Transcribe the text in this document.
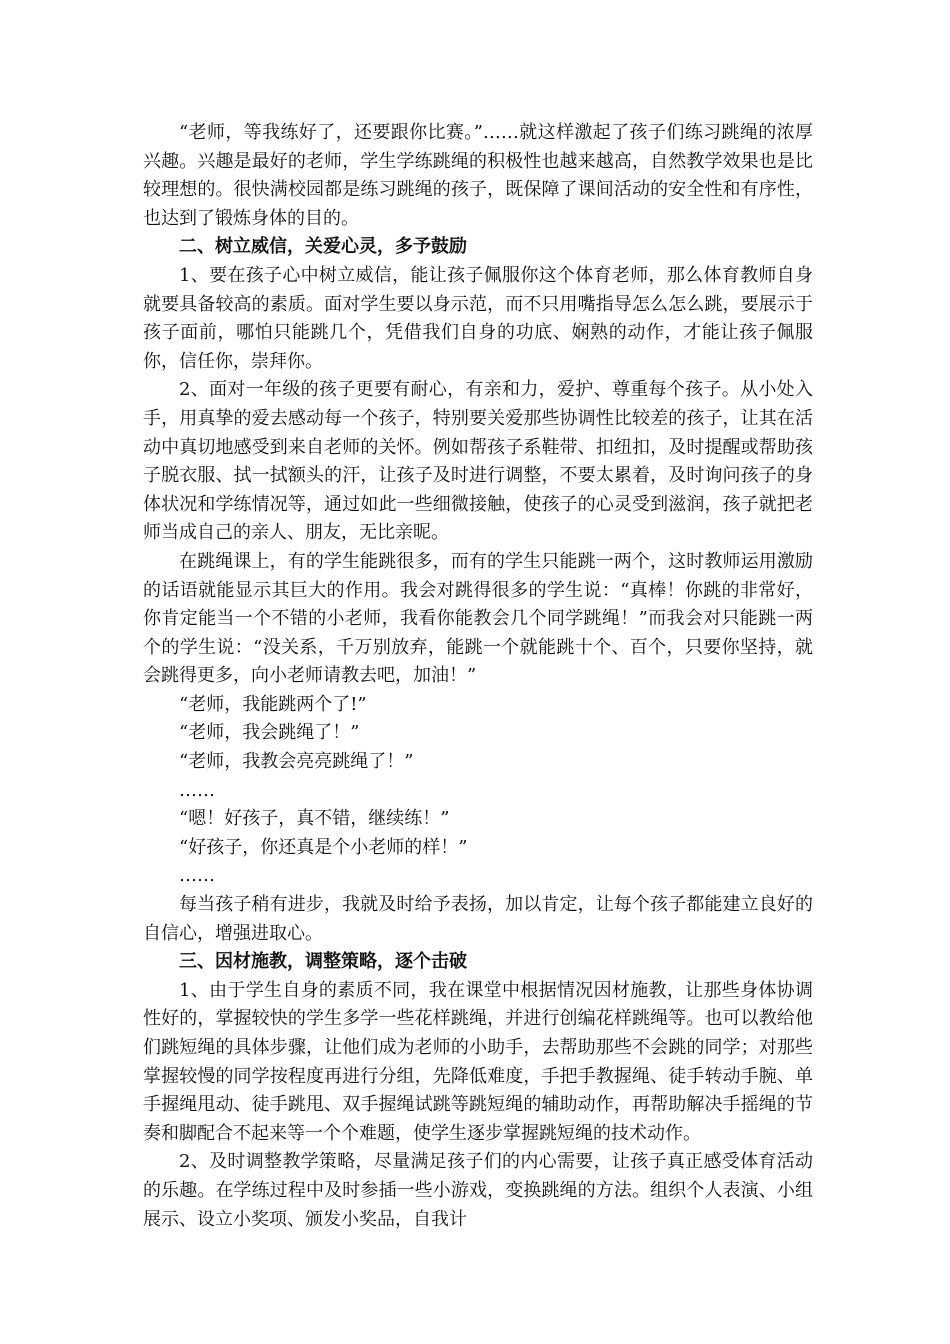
“老师，等我练好了，还要跟你比赛。”……就这样激起了孩子们练习跳绳的浓厚兴趣。兴趣是最好的老师，学生学练跳绳的积极性也越来越高，自然教学效果也是比较理想的。很快满校园都是练习跳绳的孩子，既保障了课间活动的安全性和有序性，也达到了锻炼身体的目的。

二、树立威信，关爱心灵，多予鼓励

1、要在孩子心中树立威信，能让孩子佩服你这个体育老师，那么体育教师自身就要具备较高的素质。面对学生要以身示范，而不只用嘴指导怎么怎么跳，要展示于孩子面前，哪怕只能跳几个，凭借我们自身的功底、娴熟的动作，才能让孩子佩服你，信任你，崇拜你。

2、面对一年级的孩子更要有耐心，有亲和力，爱护、尊重每个孩子。从小处入手，用真挚的爱去感动每一个孩子，特别要关爱那些协调性比较差的孩子，让其在活动中真切地感受到来自老师的关怀。例如帮孩子系鞋带、扣纽扣，及时提醒或帮助孩子脱衣服、拭一拭额头的汗，让孩子及时进行调整，不要太累着，及时询问孩子的身体状况和学练情况等，通过如此一些细微接触，使孩子的心灵受到滋润，孩子就把老师当成自己的亲人、朋友，无比亲昵。

在跳绳课上，有的学生能跳很多，而有的学生只能跳一两个，这时教师运用激励的话语就能显示其巨大的作用。我会对跳得很多的学生说：“真棒！你跳的非常好，你肯定能当一个不错的小老师，我看你能教会几个同学跳绳！”而我会对只能跳一两个的学生说：“没关系，千万别放弃，能跳一个就能跳十个、百个，只要你坚持，就会跳得更多，向小老师请教去吧，加油！”

“老师，我能跳两个了!”

“老师，我会跳绳了！”

“老师，我教会亮亮跳绳了！”

……

“嗯！好孩子，真不错，继续练！”

“好孩子，你还真是个小老师的样！”

……

每当孩子稍有进步，我就及时给予表扬，加以肯定，让每个孩子都能建立良好的自信心，增强进取心。

三、因材施教，调整策略，逐个击破

1、由于学生自身的素质不同，我在课堂中根据情况因材施教，让那些身体协调性好的，掌握较快的学生多学一些花样跳绳，并进行创编花样跳绳等。也可以教给他们跳短绳的具体步骤，让他们成为老师的小助手，去帮助那些不会跳的同学；对那些掌握较慢的同学按程度再进行分组，先降低难度，手把手教握绳、徒手转动手腕、单手握绳甩动、徒手跳甩、双手握绳试跳等跳短绳的辅助动作，再帮助解决手摇绳的节奏和脚配合不起来等一个个难题，使学生逐步掌握跳短绳的技术动作。

2、及时调整教学策略，尽量满足孩子们的内心需要，让孩子真正感受体育活动的乐趣。在学练过程中及时参插一些小游戏，变换跳绳的方法。组织个人表演、小组展示、设立小奖项、颁发小奖品，自我计
